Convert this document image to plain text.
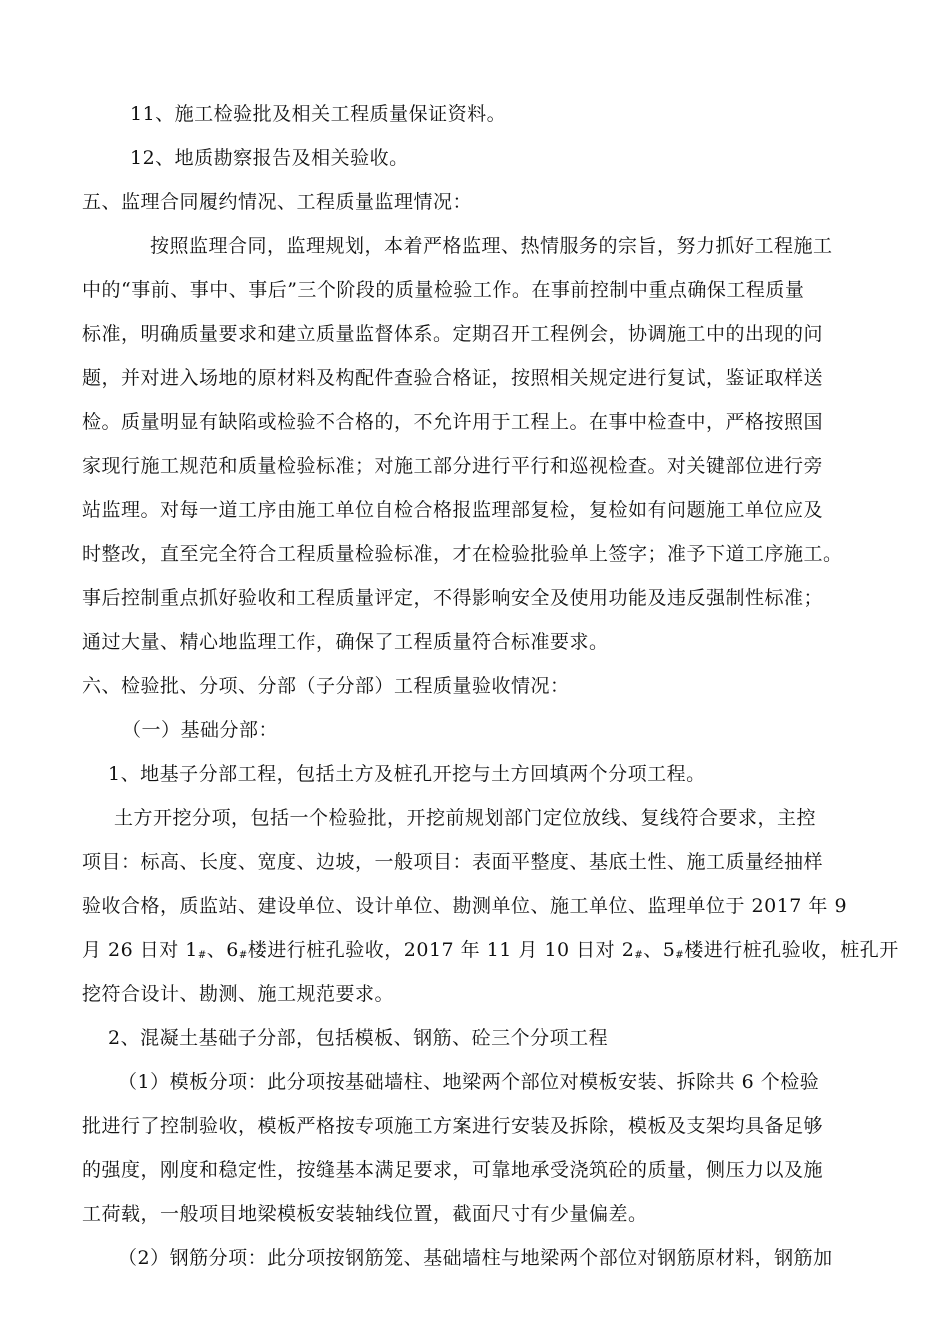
11、施工检验批及相关工程质量保证资料。
12、地质勘察报告及相关验收。
五、监理合同履约情况、工程质量监理情况：
按照监理合同，监理规划，本着严格监理、热情服务的宗旨，努力抓好工程施工
中的“事前、事中、事后”三个阶段的质量检验工作。在事前控制中重点确保工程质量
标准，明确质量要求和建立质量监督体系。定期召开工程例会，协调施工中的出现的问
题，并对进入场地的原材料及构配件查验合格证，按照相关规定进行复试，鉴证取样送
检。质量明显有缺陷或检验不合格的，不允许用于工程上。在事中检查中，严格按照国
家现行施工规范和质量检验标准；对施工部分进行平行和巡视检查。对关键部位进行旁
站监理。对每一道工序由施工单位自检合格报监理部复检，复检如有问题施工单位应及
时整改，直至完全符合工程质量检验标准，才在检验批验单上签字；准予下道工序施工。
事后控制重点抓好验收和工程质量评定，不得影响安全及使用功能及违反强制性标准；
通过大量、精心地监理工作，确保了工程质量符合标准要求。
六、检验批、分项、分部（子分部）工程质量验收情况：
（一）基础分部：
1、地基子分部工程，包括土方及桩孔开挖与土方回填两个分项工程。
土方开挖分项，包括一个检验批，开挖前规划部门定位放线、复线符合要求，主控
项目：标高、长度、宽度、边坡，一般项目：表面平整度、基底土性、施工质量经抽样
验收合格，质监站、建设单位、设计单位、勘测单位、施工单位、监理单位于 2017 年 9
月 26 日对 $1_{\#}$、$6_{\#}$楼进行桩孔验收，2017 年 11 月 10 日对 $2_{\#}$、$5_{\#}$楼进行桩孔验收，桩孔开
挖符合设计、勘测、施工规范要求。
2、混凝土基础子分部，包括模板、钢筋、砼三个分项工程
（1）模板分项：此分项按基础墙柱、地梁两个部位对模板安装、拆除共 6 个检验
批进行了控制验收，模板严格按专项施工方案进行安装及拆除，模板及支架均具备足够
的强度，刚度和稳定性，按缝基本满足要求，可靠地承受浇筑砼的质量，侧压力以及施
工荷载，一般项目地梁模板安装轴线位置，截面尺寸有少量偏差。
（2）钢筋分项：此分项按钢筋笼、基础墙柱与地梁两个部位对钢筋原材料，钢筋加
